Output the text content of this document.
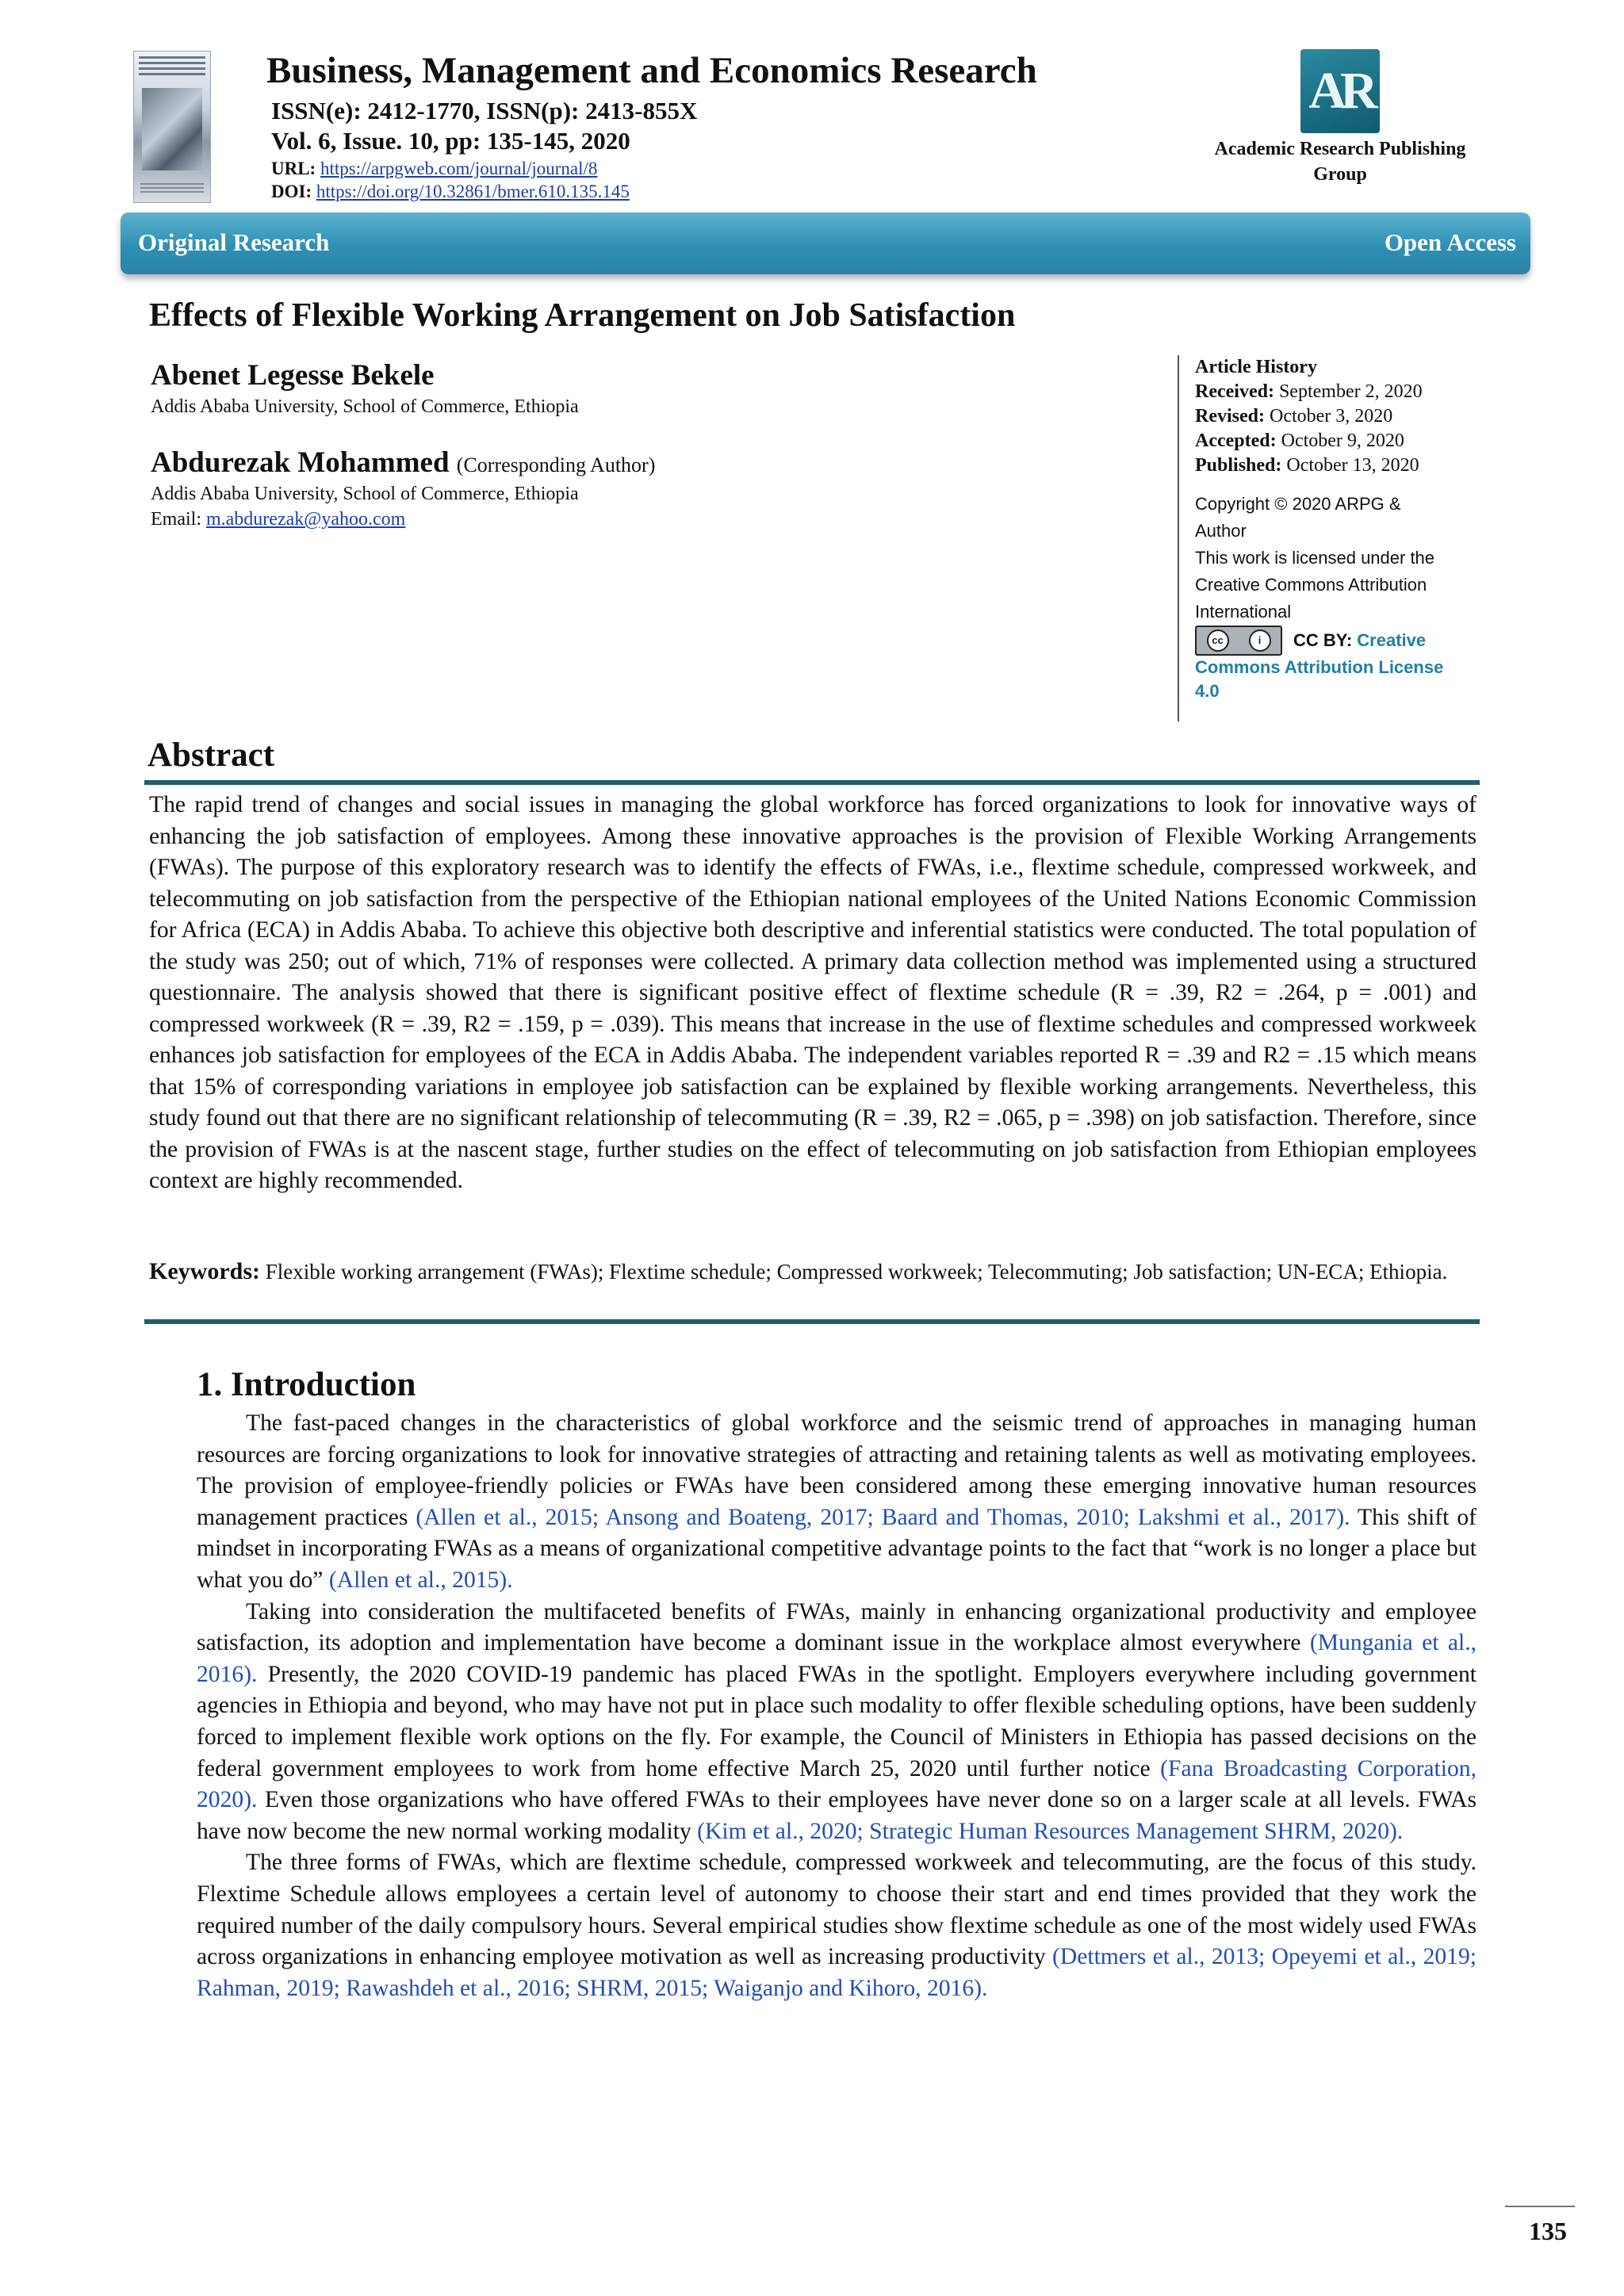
Business, Management and Economics Research
ISSN(e): 2412-1770, ISSN(p): 2413-855X
Vol. 6, Issue. 10, pp: 135-145, 2020
URL: https://arpgweb.com/journal/journal/8
DOI: https://doi.org/10.32861/bmer.610.135.145
AR
Academic Research Publishing Group
Original Research	Open Access
Effects of Flexible Working Arrangement on Job Satisfaction
Abenet Legesse Bekele
Addis Ababa University, School of Commerce, Ethiopia
Abdurezak Mohammed (Corresponding Author)
Addis Ababa University, School of Commerce, Ethiopia
Email: m.abdurezak@yahoo.com
Article History
Received: September 2, 2020
Revised: October 3, 2020
Accepted: October 9, 2020
Published: October 13, 2020
Copyright © 2020 ARPG &
Author
This work is licensed under the
Creative Commons Attribution
International
cc	i	CC BY:
Creative
Commons Attribution License
4.0
Abstract
The rapid trend of changes and social issues in managing the global workforce has forced organizations to look for innovative ways of enhancing the job satisfaction of employees. Among these innovative approaches is the provision of Flexible Working Arrangements (FWAs). The purpose of this exploratory research was to identify the effects of FWAs, i.e., flextime schedule, compressed workweek, and telecommuting on job satisfaction from the perspective of the Ethiopian national employees of the United Nations Economic Commission for Africa (ECA) in Addis Ababa. To achieve this objective both descriptive and inferential statistics were conducted. The total population of the study was 250; out of which, 71% of responses were collected. A primary data collection method was implemented using a structured questionnaire. The analysis showed that there is significant positive effect of flextime schedule (R = .39, R2 = .264, p = .001) and compressed workweek (R = .39, R2 = .159, p = .039). This means that increase in the use of flextime schedules and compressed workweek enhances job satisfaction for employees of the ECA in Addis Ababa. The independent variables reported R = .39 and R2 = .15 which means that 15% of corresponding variations in employee job satisfaction can be explained by flexible working arrangements. Nevertheless, this study found out that there are no significant relationship of telecommuting (R = .39, R2 = .065, p = .398) on job satisfaction. Therefore, since the provision of FWAs is at the nascent stage, further studies on the effect of telecommuting on job satisfaction from Ethiopian employees context are highly recommended.
Keywords: Flexible working arrangement (FWAs); Flextime schedule; Compressed workweek; Telecommuting; Job satisfaction; UN-ECA; Ethiopia.
1. Introduction

The fast-paced changes in the characteristics of global workforce and the seismic trend of approaches in managing human resources are forcing organizations to look for innovative strategies of attracting and retaining talents as well as motivating employees. The provision of employee-friendly policies or FWAs have been considered among these emerging innovative human resources management practices (Allen et al., 2015; Ansong and Boateng, 2017; Baard and Thomas, 2010; Lakshmi et al., 2017). This shift of mindset in incorporating FWAs as a means of organizational competitive advantage points to the fact that “work is no longer a place but what you do” (Allen et al., 2015).

Taking into consideration the multifaceted benefits of FWAs, mainly in enhancing organizational productivity and employee satisfaction, its adoption and implementation have become a dominant issue in the workplace almost everywhere (Mungania et al., 2016). Presently, the 2020 COVID-19 pandemic has placed FWAs in the spotlight. Employers everywhere including government agencies in Ethiopia and beyond, who may have not put in place such modality to offer flexible scheduling options, have been suddenly forced to implement flexible work options on the fly. For example, the Council of Ministers in Ethiopia has passed decisions on the federal government employees to work from home effective March 25, 2020 until further notice (Fana Broadcasting Corporation, 2020). Even those organizations who have offered FWAs to their employees have never done so on a larger scale at all levels. FWAs have now become the new normal working modality (Kim et al., 2020; Strategic Human Resources Management SHRM, 2020).

The three forms of FWAs, which are flextime schedule, compressed workweek and telecommuting, are the focus of this study. Flextime Schedule allows employees a certain level of autonomy to choose their start and end times provided that they work the required number of the daily compulsory hours. Several empirical studies show flextime schedule as one of the most widely used FWAs across organizations in enhancing employee motivation as well as increasing productivity (Dettmers et al., 2013; Opeyemi et al., 2019; Rahman, 2019; Rawashdeh et al., 2016; SHRM, 2015; Waiganjo and Kihoro, 2016).

135
